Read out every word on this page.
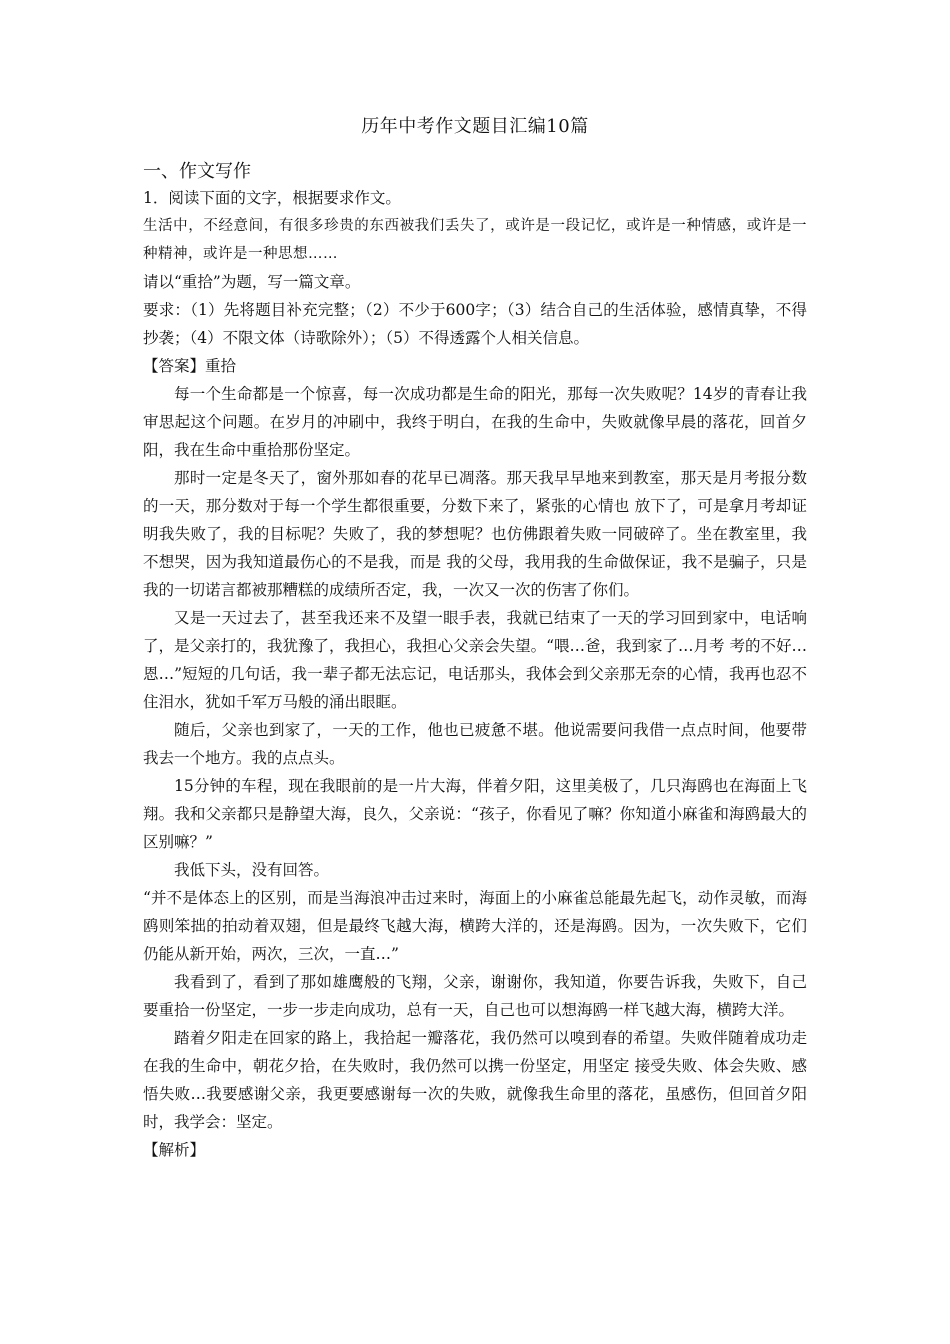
历年中考作文题目汇编10篇

一、作文写作

1．阅读下面的文字，根据要求作文。

生活中，不经意间，有很多珍贵的东西被我们丢失了，或许是一段记忆，或许是一种情感，或许是一种精神，或许是一种思想……

请以“重拾”为题，写一篇文章。

要求：（1）先将题目补充完整；（2）不少于600字；（3）结合自己的生活体验，感情真挚，不得抄袭；（4）不限文体（诗歌除外）；（5）不得透露个人相关信息。

【答案】重拾

每一个生命都是一个惊喜，每一次成功都是生命的阳光，那每一次失败呢？14岁的青春让我审思起这个问题。在岁月的冲刷中，我终于明白，在我的生命中，失败就像早晨的落花，回首夕阳，我在生命中重拾那份坚定。

那时一定是冬天了，窗外那如春的花早已凋落。那天我早早地来到教室，那天是月考报分数的一天，那分数对于每一个学生都很重要，分数下来了，紧张的心情也 放下了，可是拿月考却证明我失败了，我的目标呢？失败了，我的梦想呢？也仿佛跟着失败一同破碎了。坐在教室里，我不想哭，因为我知道最伤心的不是我，而是 我的父母，我用我的生命做保证，我不是骗子，只是我的一切诺言都被那糟糕的成绩所否定，我，一次又一次的伤害了你们。

又是一天过去了，甚至我还来不及望一眼手表，我就已结束了一天的学习回到家中，电话响了，是父亲打的，我犹豫了，我担心，我担心父亲会失望。“喂…爸，我到家了…月考 考的不好…恩…”短短的几句话，我一辈子都无法忘记，电话那头，我体会到父亲那无奈的心情，我再也忍不住泪水，犹如千军万马般的涌出眼眶。

随后，父亲也到家了，一天的工作，他也已疲惫不堪。他说需要问我借一点点时间，他要带我去一个地方。我的点点头。

15分钟的车程，现在我眼前的是一片大海，伴着夕阳，这里美极了，几只海鸥也在海面上飞翔。我和父亲都只是静望大海，良久，父亲说：“孩子，你看见了嘛？你知道小麻雀和海鸥最大的区别嘛？”

我低下头，没有回答。

“并不是体态上的区别，而是当海浪冲击过来时，海面上的小麻雀总能最先起飞，动作灵敏，而海鸥则笨拙的拍动着双翅，但是最终飞越大海，横跨大洋的，还是海鸥。因为，一次失败下，它们仍能从新开始，两次，三次，一直…”

我看到了，看到了那如雄鹰般的飞翔，父亲，谢谢你，我知道，你要告诉我，失败下，自己要重拾一份坚定，一步一步走向成功，总有一天，自己也可以想海鸥一样飞越大海，横跨大洋。

踏着夕阳走在回家的路上，我拾起一瓣落花，我仍然可以嗅到春的希望。失败伴随着成功走在我的生命中，朝花夕拾，在失败时，我仍然可以携一份坚定，用坚定 接受失败、体会失败、感悟失败…我要感谢父亲，我更要感谢每一次的失败，就像我生命里的落花，虽感伤，但回首夕阳时，我学会：坚定。

【解析】
